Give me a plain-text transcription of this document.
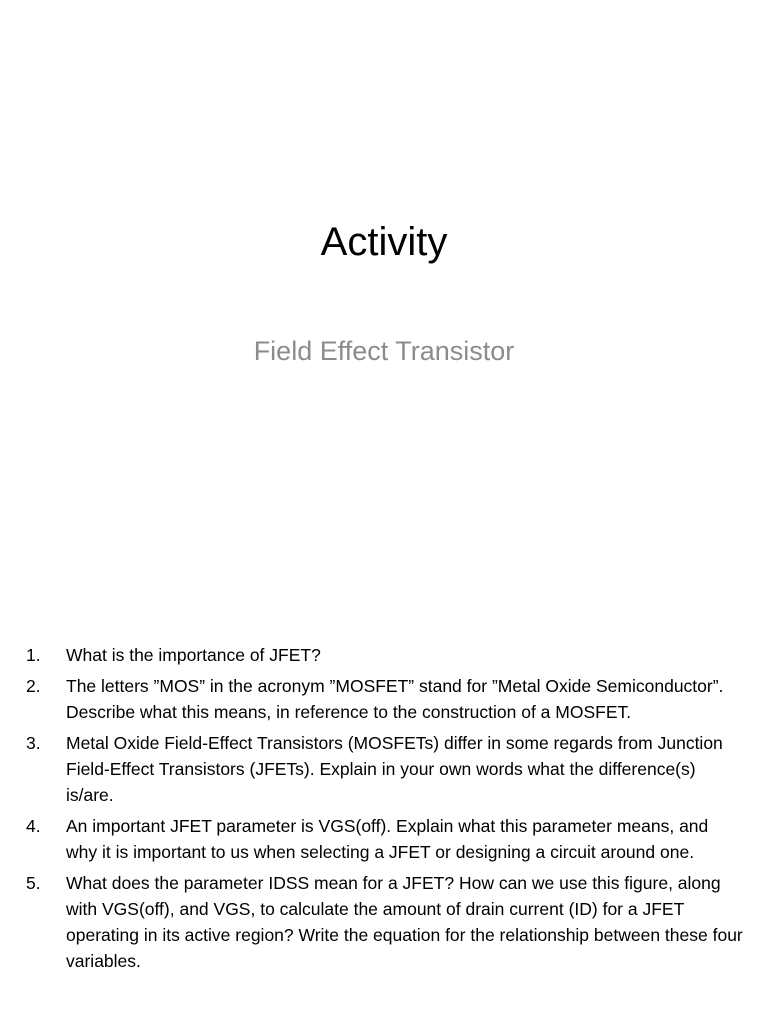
Activity
Field Effect Transistor
1. What is the importance of JFET?
2. The letters ”MOS” in the acronym ”MOSFET” stand for ”Metal Oxide Semiconductor”. Describe what this means, in reference to the construction of a MOSFET.
3. Metal Oxide Field-Effect Transistors (MOSFETs) differ in some regards from Junction Field-Effect Transistors (JFETs). Explain in your own words what the difference(s) is/are.
4. An important JFET parameter is VGS(off). Explain what this parameter means, and why it is important to us when selecting a JFET or designing a circuit around one.
5. What does the parameter IDSS mean for a JFET? How can we use this figure, along with VGS(off), and VGS, to calculate the amount of drain current (ID) for a JFET operating in its active region? Write the equation for the relationship between these four variables.
